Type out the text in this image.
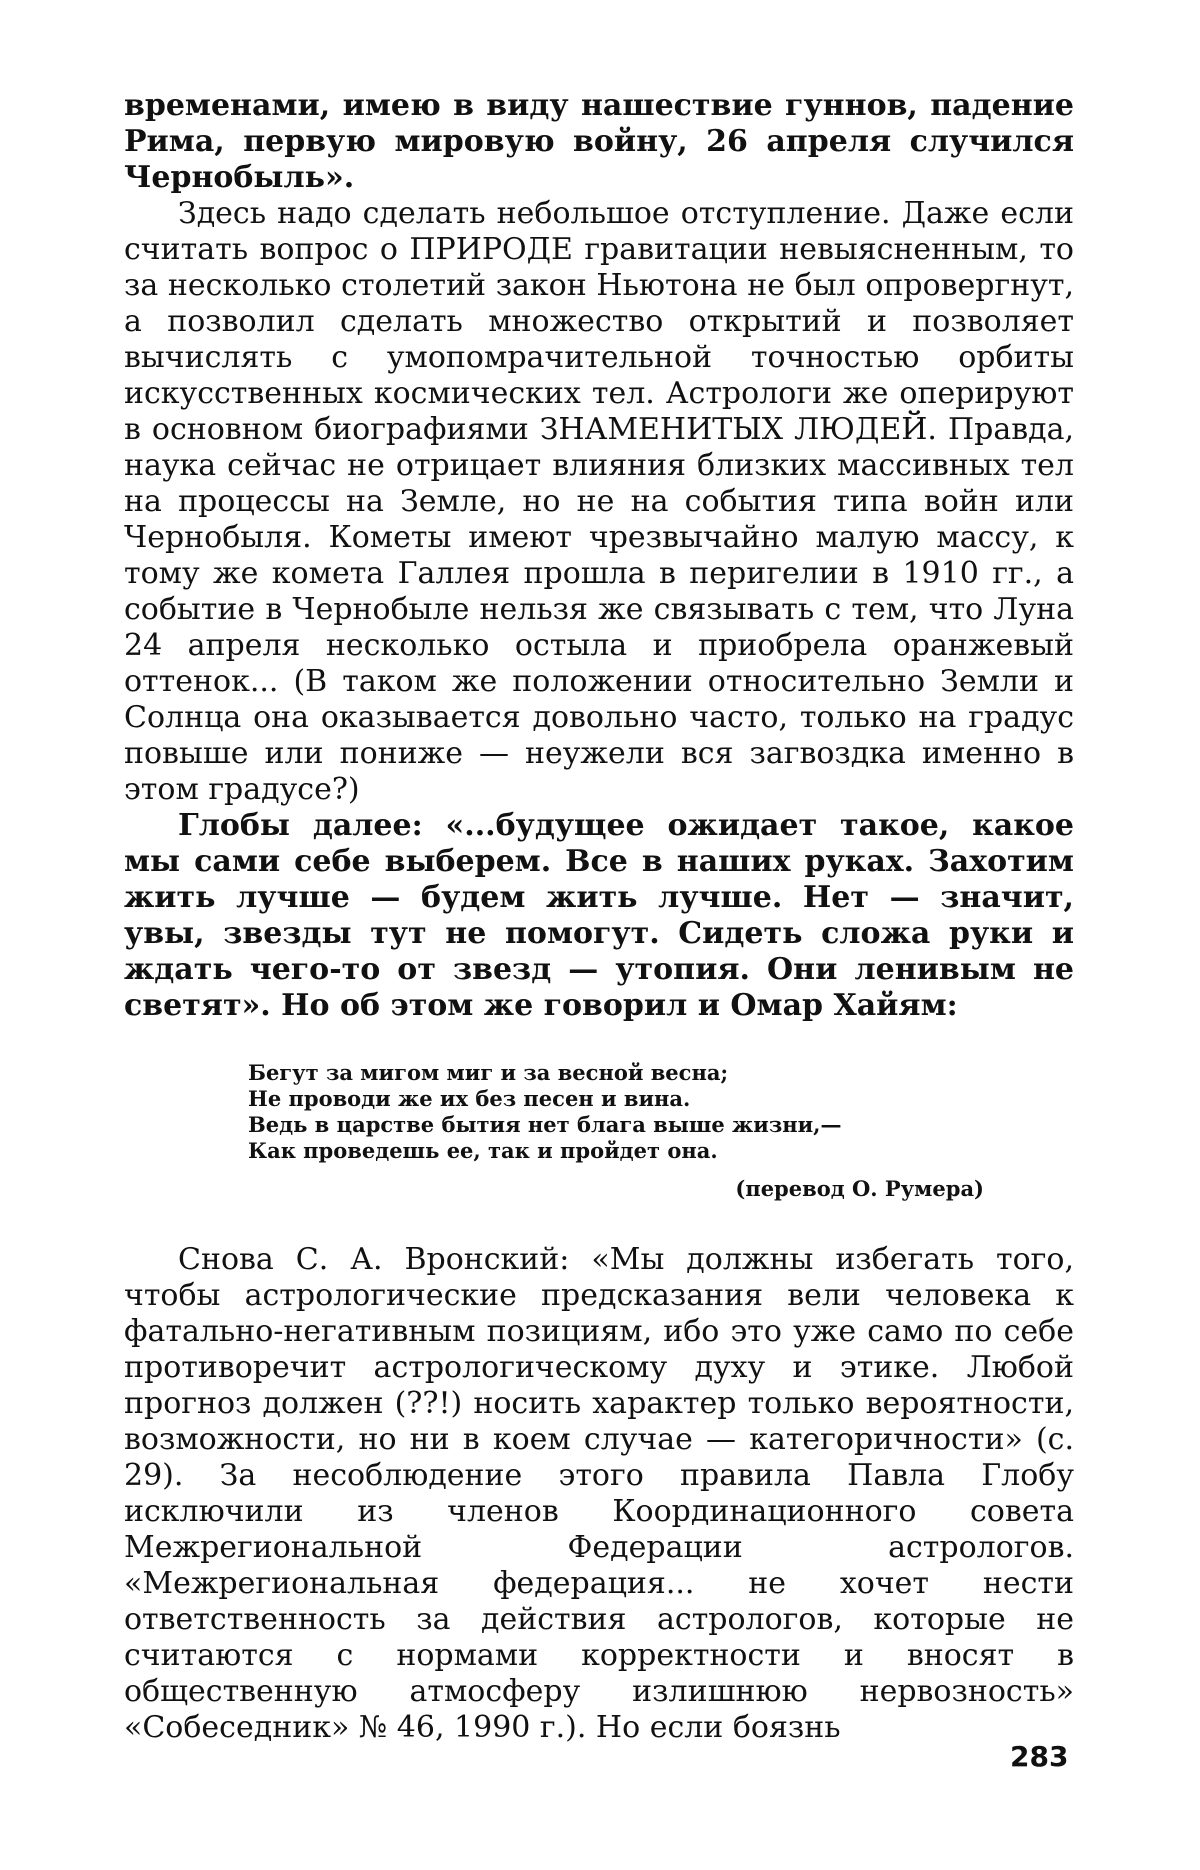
временами, имею в виду нашествие гуннов, падение Рима, первую мировую войну, 26 апреля случился Чернобыль».

Здесь надо сделать небольшое отступление. Даже если считать вопрос о ПРИРОДЕ гравитации невыясненным, то за несколько столетий закон Ньютона не был опровергнут, а позволил сделать множество открытий и позволяет вычислять с умопомрачительной точностью орбиты искусственных космических тел. Астрологи же оперируют в основном биографиями ЗНАМЕНИТЫХ ЛЮДЕЙ. Правда, наука сейчас не отрицает влияния близких массивных тел на процессы на Земле, но не на события типа войн или Чернобыля. Кометы имеют чрезвычайно малую массу, к тому же комета Галлея прошла в перигелии в 1910 гг., а событие в Чернобыле нельзя же связывать с тем, что Луна 24 апреля несколько остыла и приобрела оранжевый оттенок... (В таком же положении относительно Земли и Солнца она оказывается довольно часто, только на градус повыше или пониже — неужели вся загвоздка именно в этом градусе?)

Глобы далее: «...будущее ожидает такое, какое мы сами себе выберем. Все в наших руках. Захотим жить лучше — будем жить лучше. Нет — значит, увы, звезды тут не помогут. Сидеть сложа руки и ждать чего-то от звезд — утопия. Они ленивым не светят». Но об этом же говорил и Омар Хайям:

Бегут за мигом миг и за весной весна;
Не проводи же их без песен и вина.
Ведь в царстве бытия нет блага выше жизни,—
Как проведешь ее, так и пройдет она.
(перевод О. Румера)

Снова С. А. Вронский: «Мы должны избегать того, чтобы астрологические предсказания вели человека к фатально-негативным позициям, ибо это уже само по себе противоречит астрологическому духу и этике. Любой прогноз должен (??!) носить характер только вероятности, возможности, но ни в коем случае — категоричности» (с. 29). За несоблюдение этого правила Павла Глобу исключили из членов Координационного совета Межрегиональной Федерации астрологов. «Межрегиональная федерация... не хочет нести ответственность за действия астрологов, которые не считаются с нормами корректности и вносят в общественную атмосферу излишнюю нервозность» «Собеседник» № 46, 1990 г.). Но если боязнь

283
